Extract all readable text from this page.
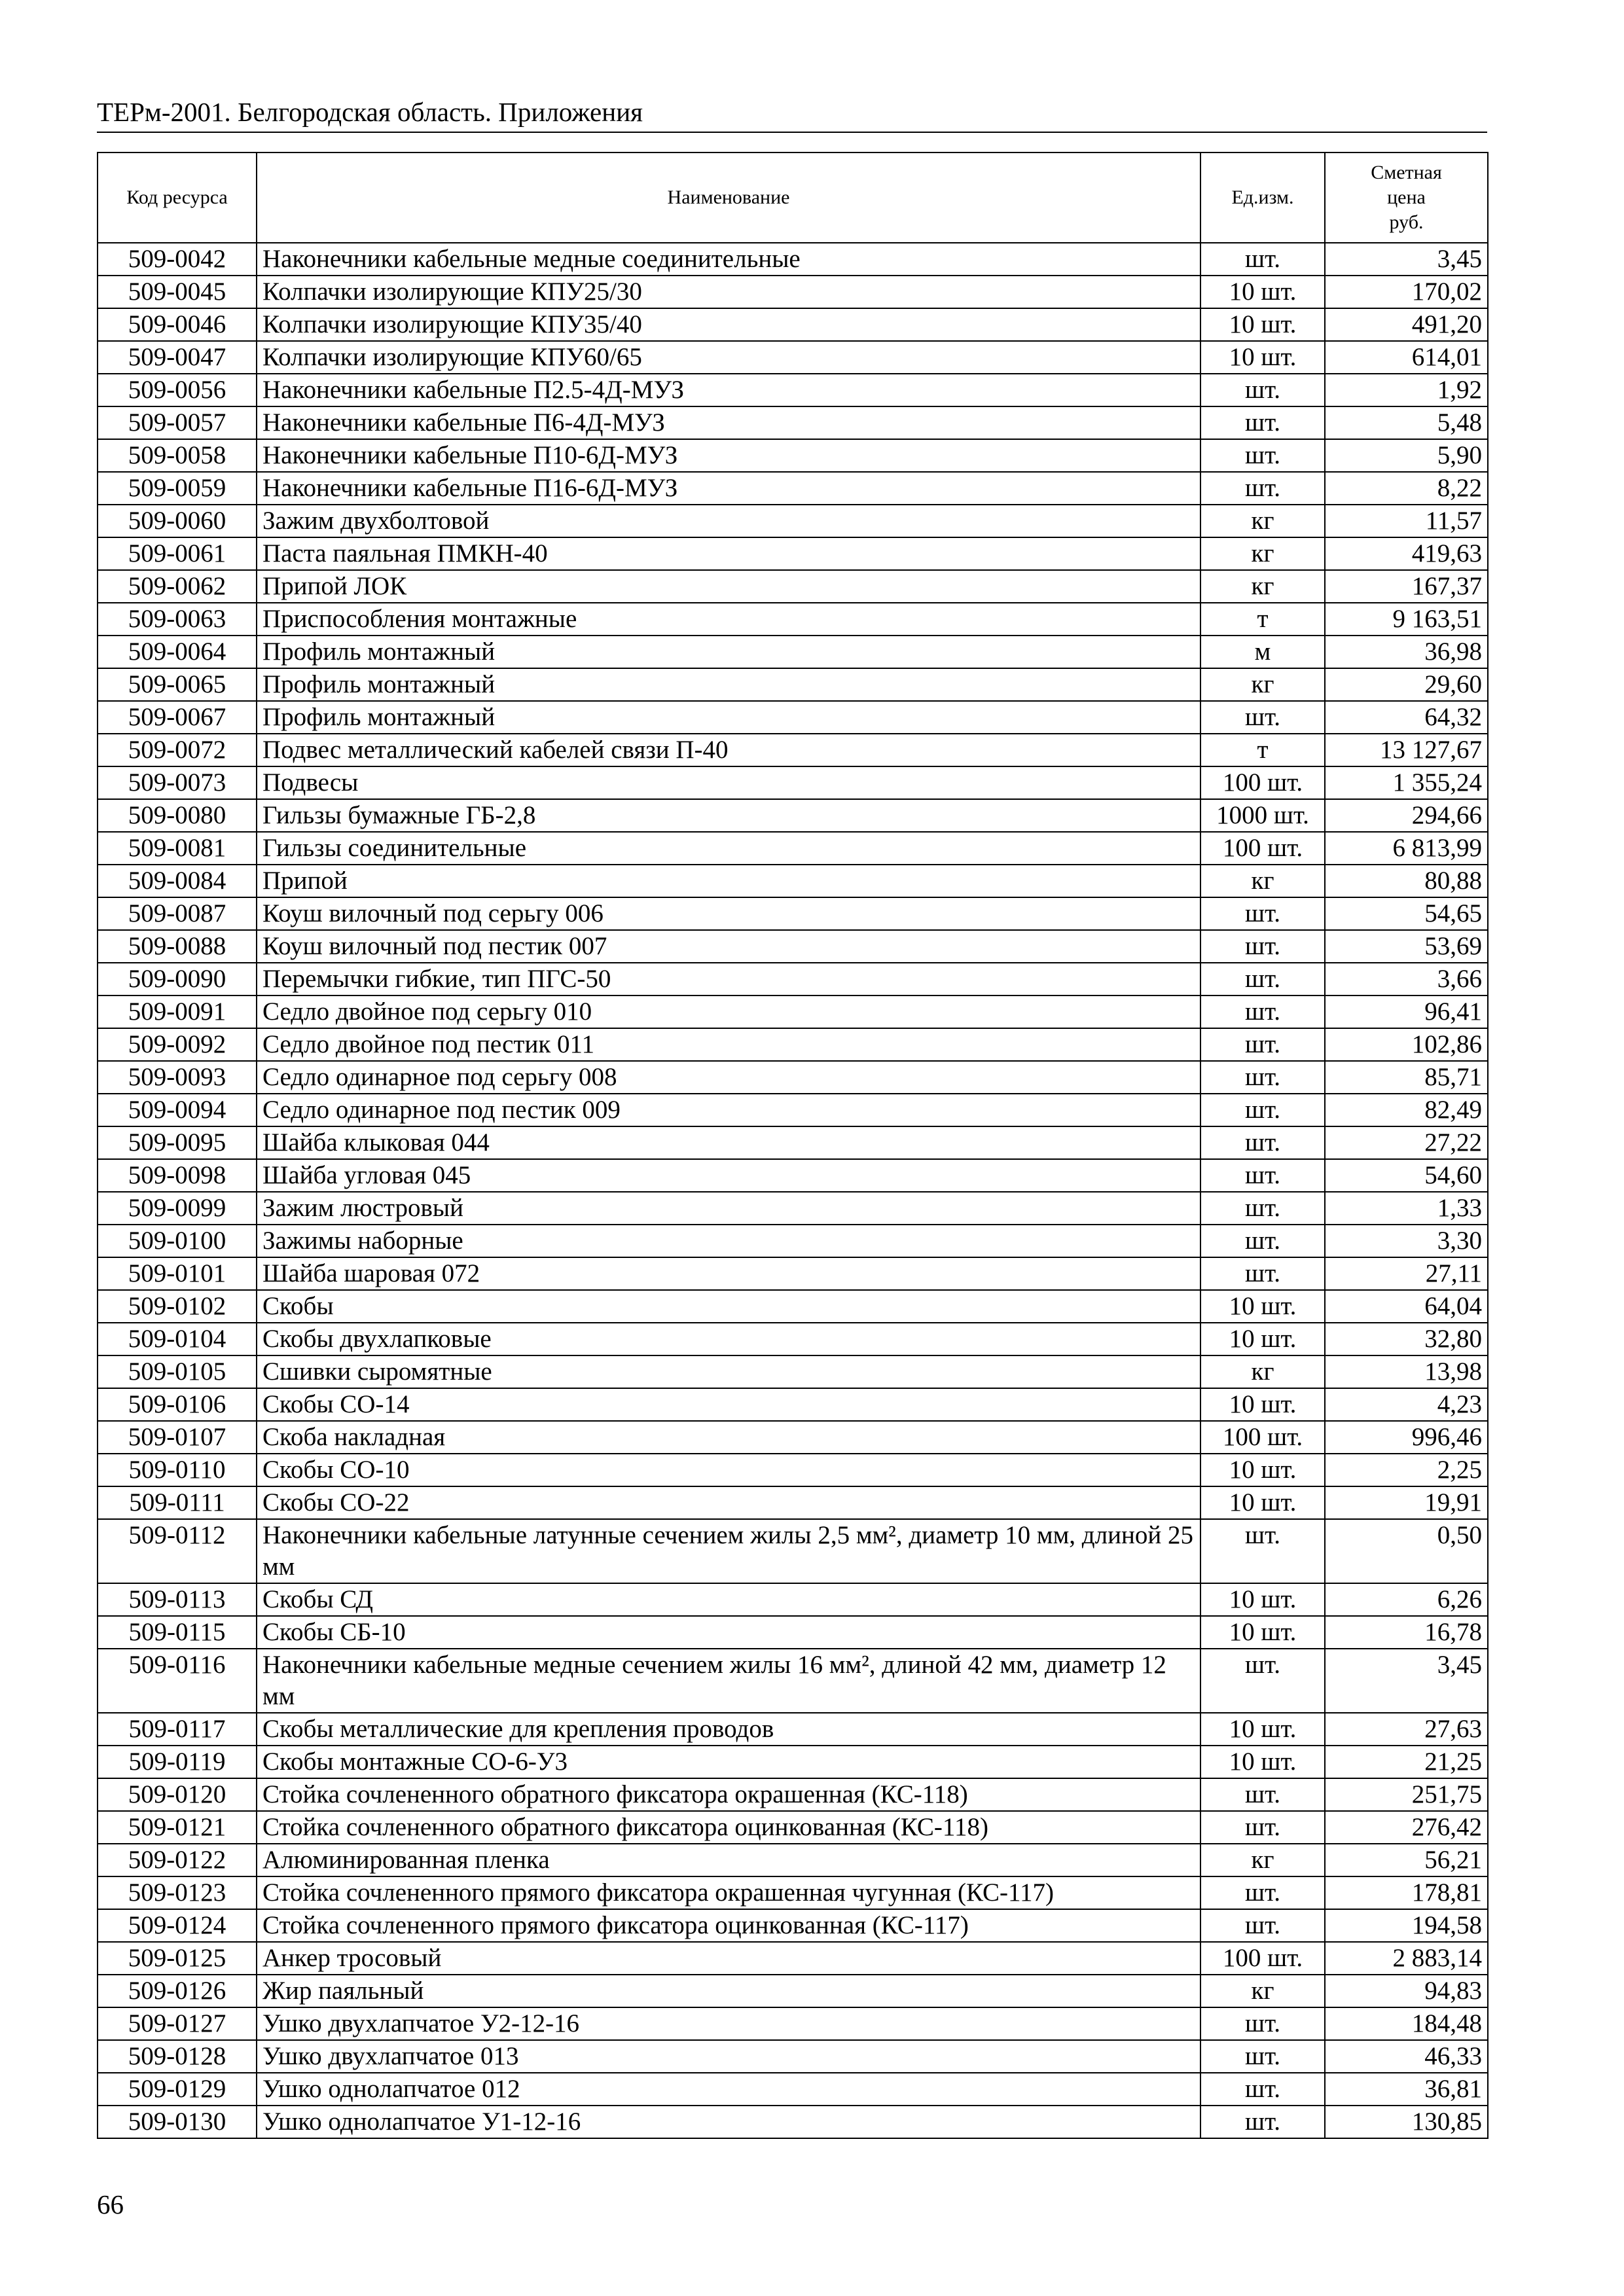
ТЕРм-2001. Белгородская область. Приложения
Код ресурса	Наименование	Ед.изм.	Сметная
цена
руб.
509-0042	Наконечники кабельные медные соединительные	шт.	3,45
509-0045	Колпачки изолирующие КПУ25/30	10 шт.	170,02
509-0046	Колпачки изолирующие КПУ35/40	10 шт.	491,20
509-0047	Колпачки изолирующие КПУ60/65	10 шт.	614,01
509-0056	Наконечники кабельные П2.5-4Д-МУЗ	шт.	1,92
509-0057	Наконечники кабельные П6-4Д-МУЗ	шт.	5,48
509-0058	Наконечники кабельные П10-6Д-МУЗ	шт.	5,90
509-0059	Наконечники кабельные П16-6Д-МУЗ	шт.	8,22
509-0060	Зажим двухболтовой	кг	11,57
509-0061	Паста паяльная ПМКН-40	кг	419,63
509-0062	Припой ЛОК	кг	167,37
509-0063	Приспособления монтажные	т	9 163,51
509-0064	Профиль монтажный	м	36,98
509-0065	Профиль монтажный	кг	29,60
509-0067	Профиль монтажный	шт.	64,32
509-0072	Подвес металлический кабелей связи П-40	т	13 127,67
509-0073	Подвесы	100 шт.	1 355,24
509-0080	Гильзы бумажные ГБ-2,8	1000 шт.	294,66
509-0081	Гильзы соединительные	100 шт.	6 813,99
509-0084	Припой	кг	80,88
509-0087	Коуш вилочный под серьгу 006	шт.	54,65
509-0088	Коуш вилочный под пестик 007	шт.	53,69
509-0090	Перемычки гибкие, тип ПГС-50	шт.	3,66
509-0091	Седло двойное под серьгу 010	шт.	96,41
509-0092	Седло двойное под пестик 011	шт.	102,86
509-0093	Седло одинарное под серьгу 008	шт.	85,71
509-0094	Седло одинарное под пестик 009	шт.	82,49
509-0095	Шайба клыковая 044	шт.	27,22
509-0098	Шайба угловая 045	шт.	54,60
509-0099	Зажим люстровый	шт.	1,33
509-0100	Зажимы наборные	шт.	3,30
509-0101	Шайба шаровая 072	шт.	27,11
509-0102	Скобы	10 шт.	64,04
509-0104	Скобы двухлапковые	10 шт.	32,80
509-0105	Сшивки сыромятные	кг	13,98
509-0106	Скобы СО-14	10 шт.	4,23
509-0107	Скоба накладная	100 шт.	996,46
509-0110	Скобы СО-10	10 шт.	2,25
509-0111	Скобы СО-22	10 шт.	19,91
509-0112	Наконечники кабельные латунные сечением жилы 2,5 мм², диаметр 10 мм, длиной 25 мм	шт.	0,50
509-0113	Скобы СД	10 шт.	6,26
509-0115	Скобы СБ-10	10 шт.	16,78
509-0116	Наконечники кабельные медные сечением жилы 16 мм², длиной 42 мм, диаметр 12 мм	шт.	3,45
509-0117	Скобы металлические для крепления проводов	10 шт.	27,63
509-0119	Скобы монтажные СО-6-У3	10 шт.	21,25
509-0120	Стойка сочлененного обратного фиксатора окрашенная (КС-118)	шт.	251,75
509-0121	Стойка сочлененного обратного фиксатора оцинкованная (КС-118)	шт.	276,42
509-0122	Алюминированная пленка	кг	56,21
509-0123	Стойка сочлененного прямого фиксатора окрашенная чугунная (КС-117)	шт.	178,81
509-0124	Стойка сочлененного прямого фиксатора оцинкованная (КС-117)	шт.	194,58
509-0125	Анкер тросовый	100 шт.	2 883,14
509-0126	Жир паяльный	кг	94,83
509-0127	Ушко двухлапчатое У2-12-16	шт.	184,48
509-0128	Ушко двухлапчатое 013	шт.	46,33
509-0129	Ушко однолапчатое 012	шт.	36,81
509-0130	Ушко однолапчатое У1-12-16	шт.	130,85
66
